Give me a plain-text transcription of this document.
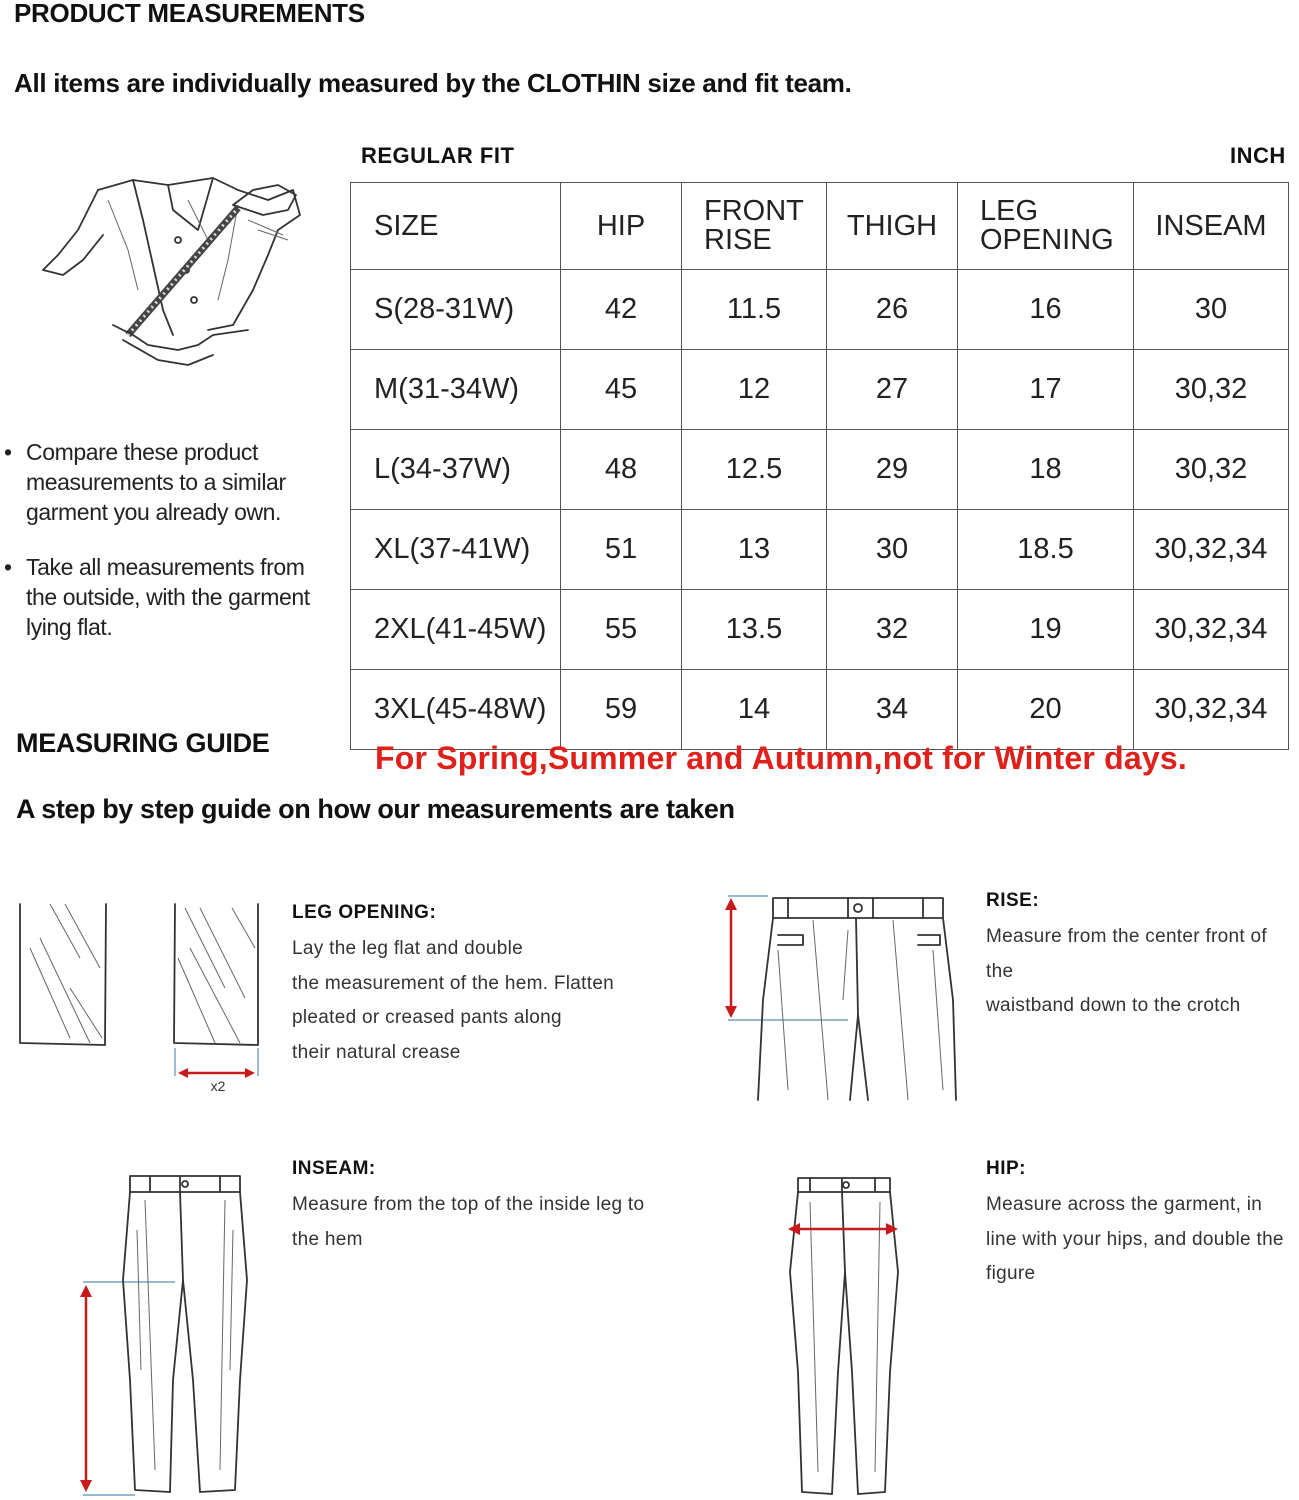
PRODUCT MEASUREMENTS
All items are individually measured by the CLOTHIN size and fit team.
REGULAR FIT	INCH
SIZE	HIP	FRONT RISE	THIGH	LEG OPENING	INSEAM
S(28-31W)	42	11.5	26	16	30
M(31-34W)	45	12	27	17	30,32
L(34-37W)	48	12.5	29	18	30,32
XL(37-41W)	51	13	30	18.5	30,32,34
2XL(41-45W)	55	13.5	32	19	30,32,34
3XL(45-48W)	59	14	34	20	30,32,34
• Compare these product measurements to a similar garment you already own.
• Take all measurements from the outside, with the garment lying flat.
MEASURING GUIDE	For Spring,Summer and Autumn,not for Winter days.
A step by step guide on how our measurements are taken
x2
LEG OPENING:
Lay the leg flat and double
the measurement of the hem. Flatten
pleated or creased pants along
their natural crease
RISE:
Measure from the center front of the
waistband down to the crotch
INSEAM:
Measure from the top of the inside leg to
the hem
HIP:
Measure across the garment, in
line with your hips, and double the
figure
